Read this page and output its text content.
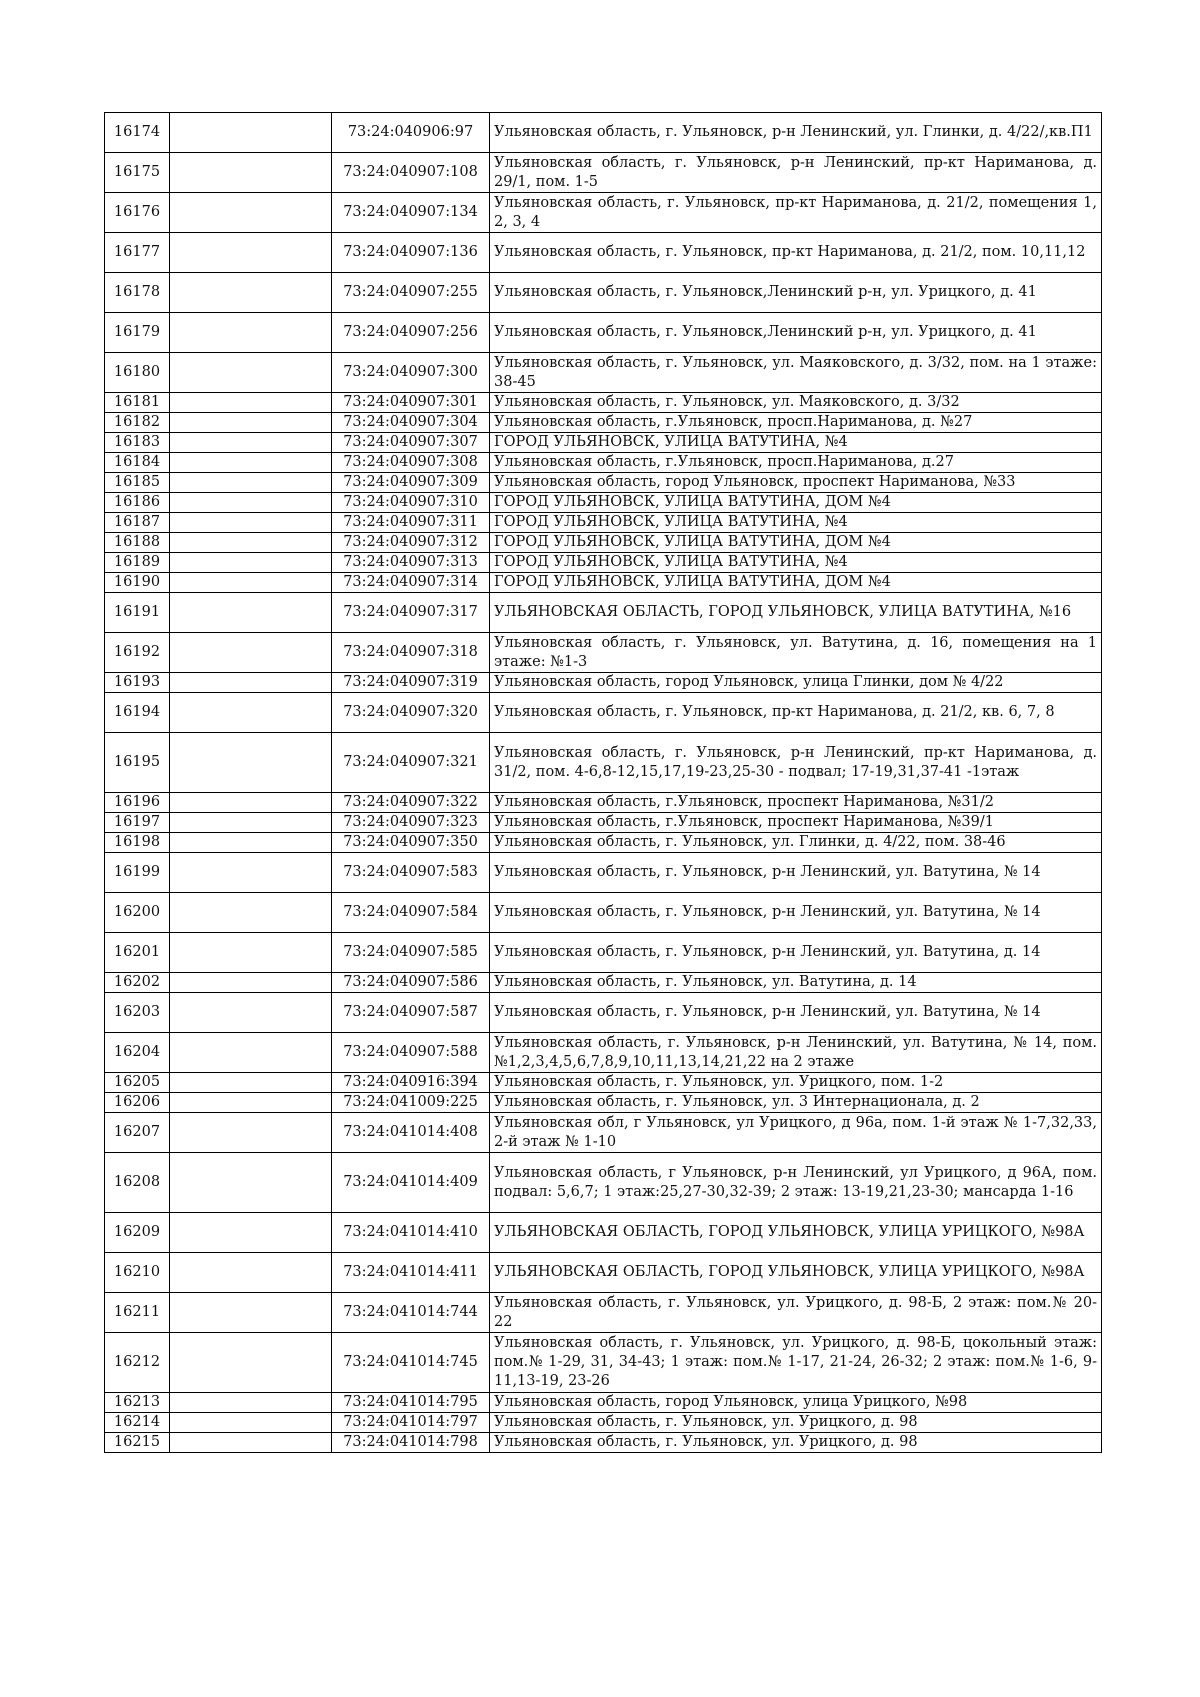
16174		73:24:040906:97	Ульяновская область, г. Ульяновск, р-н Ленинский, ул. Глинки, д. 4/22/,кв.П1
16175		73:24:040907:108	Ульяновская область, г. Ульяновск, р-н Ленинский, пр-кт Нариманова, д. 29/1, пом. 1-5
16176		73:24:040907:134	Ульяновская область, г. Ульяновск, пр-кт Нариманова, д. 21/2, помещения 1, 2, 3, 4
16177		73:24:040907:136	Ульяновская область, г. Ульяновск, пр-кт Нариманова, д. 21/2, пом. 10,11,12
16178		73:24:040907:255	Ульяновская область, г. Ульяновск,Ленинский р-н, ул. Урицкого, д. 41
16179		73:24:040907:256	Ульяновская область, г. Ульяновск,Ленинский р-н, ул. Урицкого, д. 41
16180		73:24:040907:300	Ульяновская область, г. Ульяновск, ул. Маяковского, д. 3/32, пом. на 1 этаже: 38-45
16181		73:24:040907:301	Ульяновская область, г. Ульяновск, ул. Маяковского, д. 3/32
16182		73:24:040907:304	Ульяновская область, г.Ульяновск, просп.Нариманова, д. №27
16183		73:24:040907:307	ГОРОД УЛЬЯНОВСК, УЛИЦА ВАТУТИНА, №4
16184		73:24:040907:308	Ульяновская область, г.Ульяновск, просп.Нариманова, д.27
16185		73:24:040907:309	Ульяновская область, город Ульяновск, проспект Нариманова, №33
16186		73:24:040907:310	ГОРОД УЛЬЯНОВСК, УЛИЦА ВАТУТИНА, ДОМ №4
16187		73:24:040907:311	ГОРОД УЛЬЯНОВСК, УЛИЦА ВАТУТИНА, №4
16188		73:24:040907:312	ГОРОД УЛЬЯНОВСК, УЛИЦА ВАТУТИНА, ДОМ №4
16189		73:24:040907:313	ГОРОД УЛЬЯНОВСК, УЛИЦА ВАТУТИНА, №4
16190		73:24:040907:314	ГОРОД УЛЬЯНОВСК, УЛИЦА ВАТУТИНА, ДОМ №4
16191		73:24:040907:317	УЛЬЯНОВСКАЯ ОБЛАСТЬ, ГОРОД УЛЬЯНОВСК, УЛИЦА ВАТУТИНА, №16
16192		73:24:040907:318	Ульяновская область, г. Ульяновск, ул. Ватутина, д. 16, помещения на 1 этаже: №1-3
16193		73:24:040907:319	Ульяновская область, город Ульяновск, улица Глинки, дом № 4/22
16194		73:24:040907:320	Ульяновская область, г. Ульяновск, пр-кт Нариманова, д. 21/2, кв. 6, 7, 8
16195		73:24:040907:321	Ульяновская область, г. Ульяновск, р-н Ленинский, пр-кт Нариманова, д. 31/2, пом. 4-6,8-12,15,17,19-23,25-30 - подвал; 17-19,31,37-41 -1этаж
16196		73:24:040907:322	Ульяновская область, г.Ульяновск, проспект Нариманова, №31/2
16197		73:24:040907:323	Ульяновская область, г.Ульяновск, проспект Нариманова, №39/1
16198		73:24:040907:350	Ульяновская область, г. Ульяновск, ул. Глинки, д. 4/22, пом. 38-46
16199		73:24:040907:583	Ульяновская область, г. Ульяновск, р-н Ленинский, ул. Ватутина, № 14
16200		73:24:040907:584	Ульяновская область, г. Ульяновск, р-н Ленинский, ул. Ватутина, № 14
16201		73:24:040907:585	Ульяновская область, г. Ульяновск, р-н Ленинский, ул. Ватутина, д. 14
16202		73:24:040907:586	Ульяновская область, г. Ульяновск, ул. Ватутина, д. 14
16203		73:24:040907:587	Ульяновская область, г. Ульяновск, р-н Ленинский, ул. Ватутина, № 14
16204		73:24:040907:588	Ульяновская область, г. Ульяновск, р-н Ленинский, ул. Ватутина, № 14, пом. №1,2,3,4,5,6,7,8,9,10,11,13,14,21,22 на 2 этаже
16205		73:24:040916:394	Ульяновская область, г. Ульяновск, ул. Урицкого, пом. 1-2
16206		73:24:041009:225	Ульяновская область, г. Ульяновск, ул. 3 Интернационала, д. 2
16207		73:24:041014:408	Ульяновская обл, г Ульяновск, ул Урицкого, д 96а, пом. 1-й этаж № 1-7,32,33, 2-й этаж № 1-10
16208		73:24:041014:409	Ульяновская область, г Ульяновск, р-н Ленинский, ул Урицкого, д 96А, пом. подвал: 5,6,7; 1 этаж:25,27-30,32-39; 2 этаж: 13-19,21,23-30; мансарда 1-16
16209		73:24:041014:410	УЛЬЯНОВСКАЯ ОБЛАСТЬ, ГОРОД УЛЬЯНОВСК, УЛИЦА УРИЦКОГО, №98А
16210		73:24:041014:411	УЛЬЯНОВСКАЯ ОБЛАСТЬ, ГОРОД УЛЬЯНОВСК, УЛИЦА УРИЦКОГО, №98А
16211		73:24:041014:744	Ульяновская область, г. Ульяновск, ул. Урицкого, д. 98-Б, 2 этаж: пом.№ 20-22
16212		73:24:041014:745	Ульяновская область, г. Ульяновск, ул. Урицкого, д. 98-Б, цокольный этаж: пом.№ 1-29, 31, 34-43; 1 этаж: пом.№ 1-17, 21-24, 26-32; 2 этаж: пом.№ 1-6, 9-11,13-19, 23-26
16213		73:24:041014:795	Ульяновская область, город Ульяновск, улица Урицкого, №98
16214		73:24:041014:797	Ульяновская область, г. Ульяновск, ул. Урицкого, д. 98
16215		73:24:041014:798	Ульяновская область, г. Ульяновск, ул. Урицкого, д. 98
